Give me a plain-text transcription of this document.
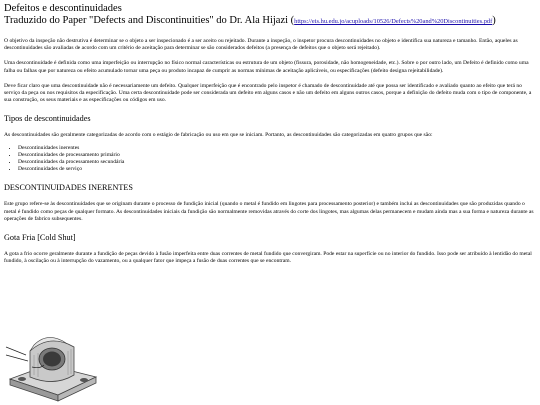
Defeitos e descontinuidades
Traduzido do Paper "Defects and Discontinuities" do Dr. Ala Hijazi (https://eis.hu.edu.jo/acuploads/10526/Defects%20and%20Discontinuities.pdf)

O objetivo da inspeção não destrutiva é determinar se o objeto a ser inspecionado é a ser aceito ou rejeitado. Durante a inspeção, o inspetor procura descontinuidades no objeto e identifica sua natureza e tamanho. Então, aqueles as descontinuidades são avaliadas de acordo com um critério de aceitação para determinar se são considerados defeitos (a presença de defeitos que o objeto será rejeitado).

Uma descontinuidade é definida como uma imperfeição ou interrupção no físico normal características ou estrutura de um objeto (fissura, porosidade, não homogeneidade, etc.). Sobre o por outro lado, um Defeito é definido como uma falha ou falhas que por natureza ou efeito acumulado tornar uma peça ou produto incapaz de cumprir as normas mínimas de aceitação aplicáveis, ou especificações (defeito designa rejeitabilidade).

Deve ficar claro que uma descontinuidade não é necessariamente um defeito. Qualquer imperfeição que é encontrado pelo inspetor é chamado de descontinuidade até que possa ser identificado e avaliado quanto ao efeito que terá no serviço da peça ou nos requisitos da especificação. Uma certa descontinuidade pode ser considerada um defeito em alguns casos e não um defeito em alguns outros casos, porque a definição do defeito muda com o tipo de componente, a sua construção, os seus materiais e as especificações ou códigos em uso.

Tipos de descontinuidades

As descontinuidades são geralmente categorizadas de acordo com o estágio de fabricação ou uso em que se iniciam. Portanto, as descontinuidades são categorizadas em quatro grupos que são:

• Descontinuidades inerentes
• Descontinuidades de processamento primário
• Descontinuidades da processamento secundária
• Descontinuidades de serviço
DESCONTINUIDADES INERENTES

Este grupo refere-se às descontinuidades que se originam durante o processo de fundição inicial (quando o metal é fundido em lingotes para processamento posterior) e também inclui as descontinuidades que são produzidas quando o metal é fundido como peças de qualquer formato. As descontinuidades iniciais da fundição são normalmente removidas através do corte dos lingotes, mas algumas delas permanecem e mudam ainda mas a sua forma e natureza durante as operações de fabrico subsequentes.

Gota Fria [Cold Shut]

A gota a frio ocorre geralmente durante a fundição de peças devido à fusão imperfeita entre duas correntes de metal fundido que convergiram. Pode estar na superfície ou no interior do fundido. Isso pode ser atribuído à lentidão do metal fundido, à oscilação ou à interrupção do vazamento, ou a qualquer fator que impeça a fusão de duas correntes que se encontram.
